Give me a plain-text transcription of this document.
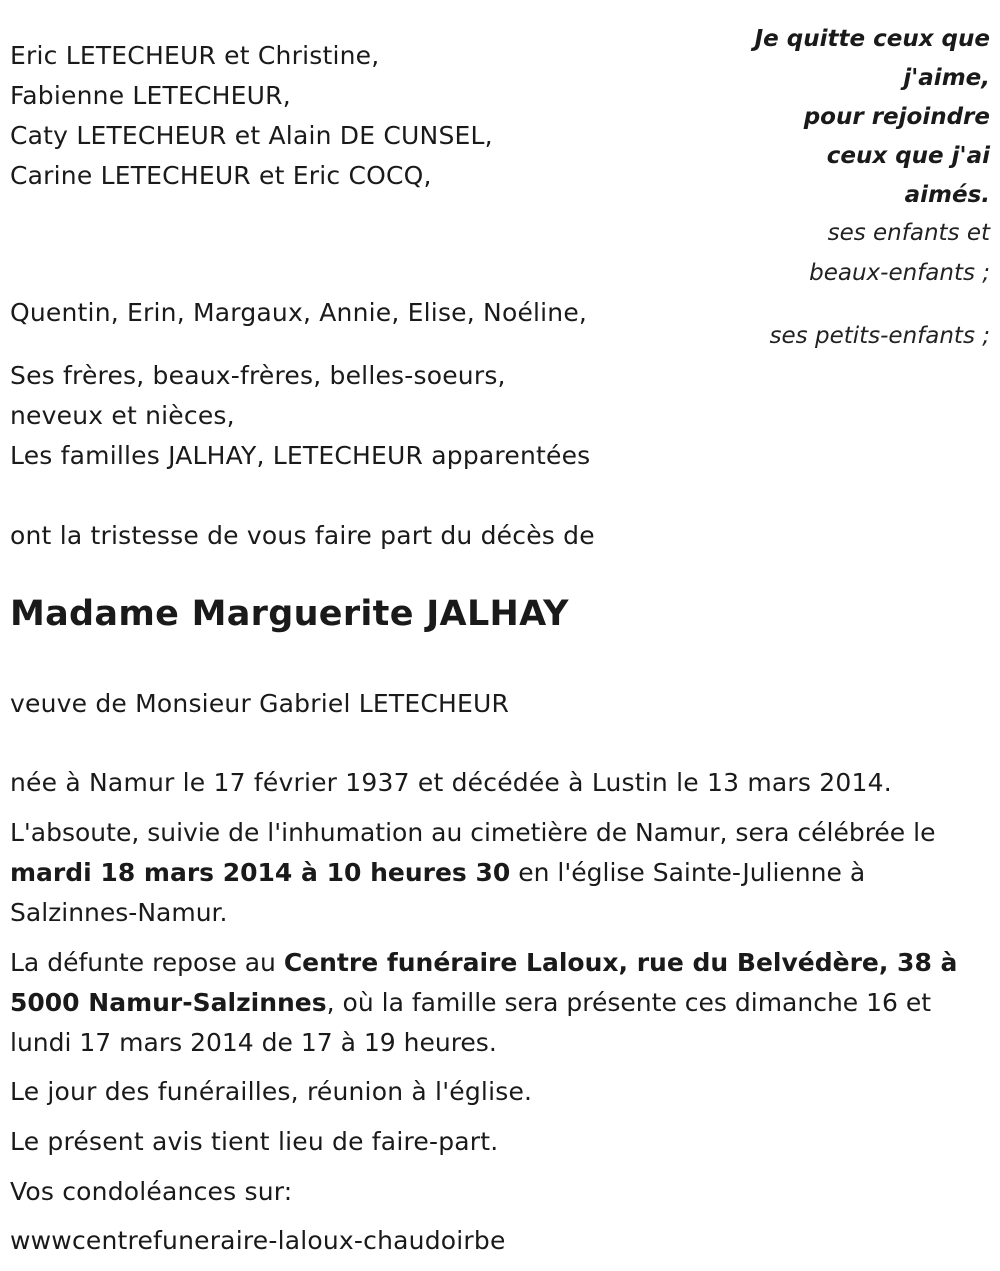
Eric LETECHEUR et Christine,
Fabienne LETECHEUR,
Caty LETECHEUR et Alain DE CUNSEL,
Carine LETECHEUR et Eric COCQ,
Je quitte ceux que
j'aime,
pour rejoindre
ceux que j'ai
aimés.
ses enfants et
beaux-enfants ;

Quentin, Erin, Margaux, Annie, Elise, Noéline,

ses petits-enfants ;

Ses frères, beaux-frères, belles-soeurs,
neveux et nièces,
Les familles JALHAY, LETECHEUR apparentées

ont la tristesse de vous faire part du décès de

Madame Marguerite JALHAY

veuve de Monsieur Gabriel LETECHEUR

née à Namur le 17 février 1937 et décédée à Lustin le 13 mars 2014.

L'absoute, suivie de l'inhumation au cimetière de Namur, sera célébrée le mardi 18 mars 2014 à 10 heures 30 en l'église Sainte-Julienne à Salzinnes-Namur.

La défunte repose au Centre funéraire Laloux, rue du Belvédère, 38 à 5000 Namur-Salzinnes, où la famille sera présente ces dimanche 16 et lundi 17 mars 2014 de 17 à 19 heures.

Le jour des funérailles, réunion à l'église.

Le présent avis tient lieu de faire-part.

Vos condoléances sur:

wwwcentrefuneraire-laloux-chaudoirbe
